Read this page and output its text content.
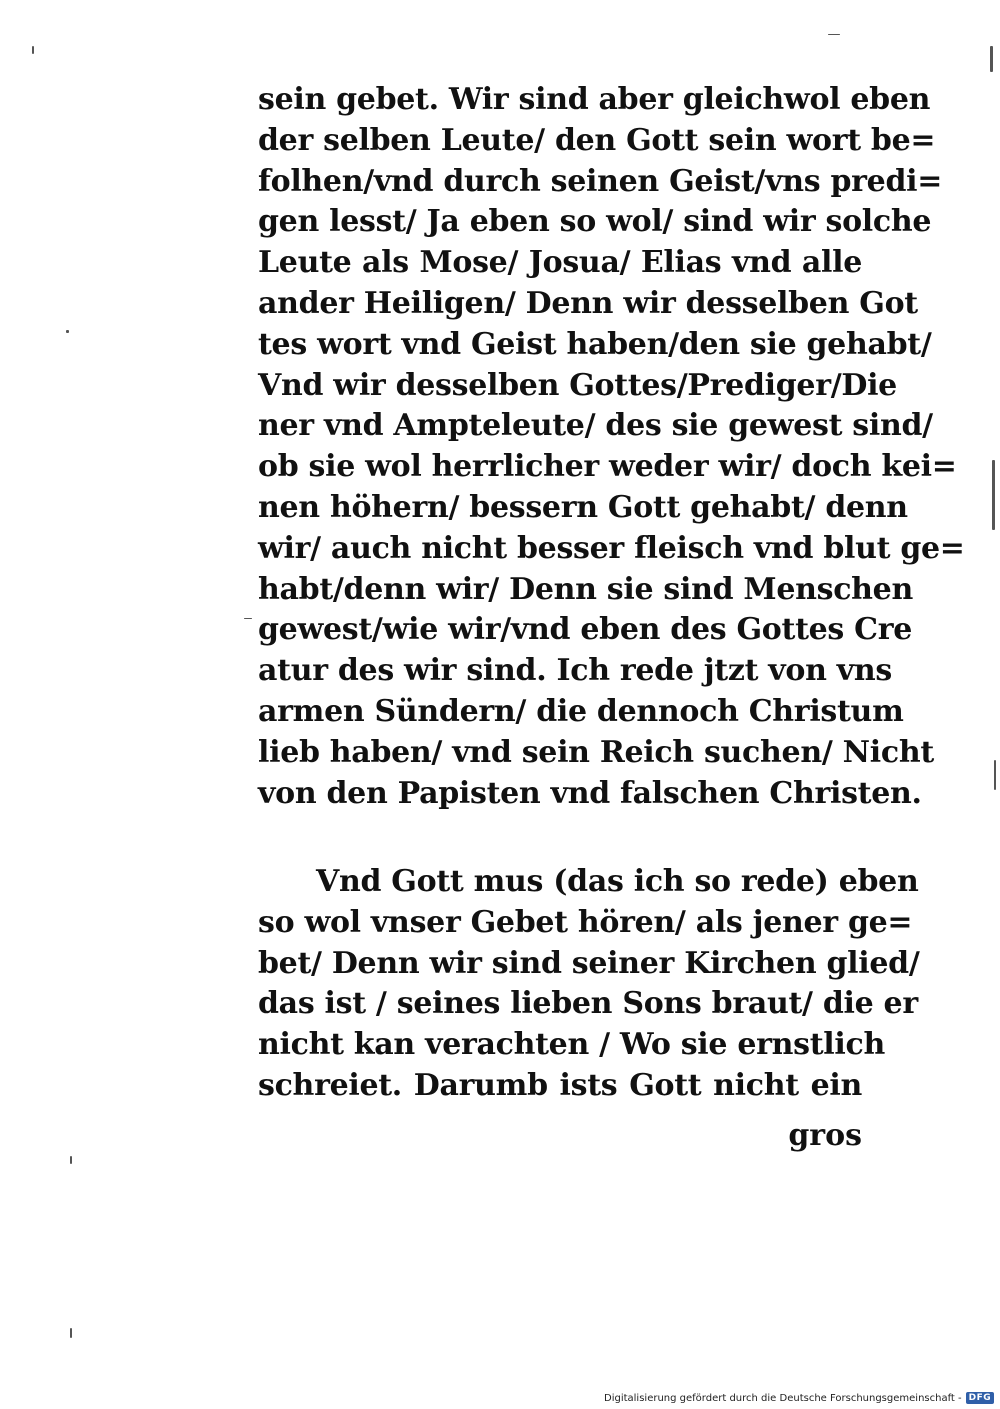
sein gebet. Wir sind aber gleichwol eben
der selben Leute/ den Gott sein wort be=
folhen/vnd durch seinen Geist/vns predi=
gen lesst/ Ja eben so wol/ sind wir solche
Leute als Mose/ Josua/ Elias vnd alle
ander Heiligen/ Denn wir desselben Got
tes wort vnd Geist haben/den sie gehabt/
Vnd wir desselben Gottes/Prediger/Die
ner vnd Ampteleute/ des sie gewest sind/
ob sie wol herrlicher weder wir/ doch kei=
nen höhern/ bessern Gott gehabt/ denn
wir/ auch nicht besser fleisch vnd blut ge=
habt/denn wir/ Denn sie sind Menschen
gewest/wie wir/vnd eben des Gottes Cre
atur des wir sind. Ich rede jtzt von vns
armen Sündern/ die dennoch Christum
lieb haben/ vnd sein Reich suchen/ Nicht
von den Papisten vnd falschen Christen.
Vnd Gott mus (das ich so rede) eben
so wol vnser Gebet hören/ als jener ge=
bet/ Denn wir sind seiner Kirchen glied/
das ist / seines lieben Sons braut/ die er
nicht kan verachten / Wo sie ernstlich
schreiet. Darumb ists Gott nicht ein
gros
Digitalisierung gefördert durch die Deutsche Forschungsgemeinschaft - DFG
